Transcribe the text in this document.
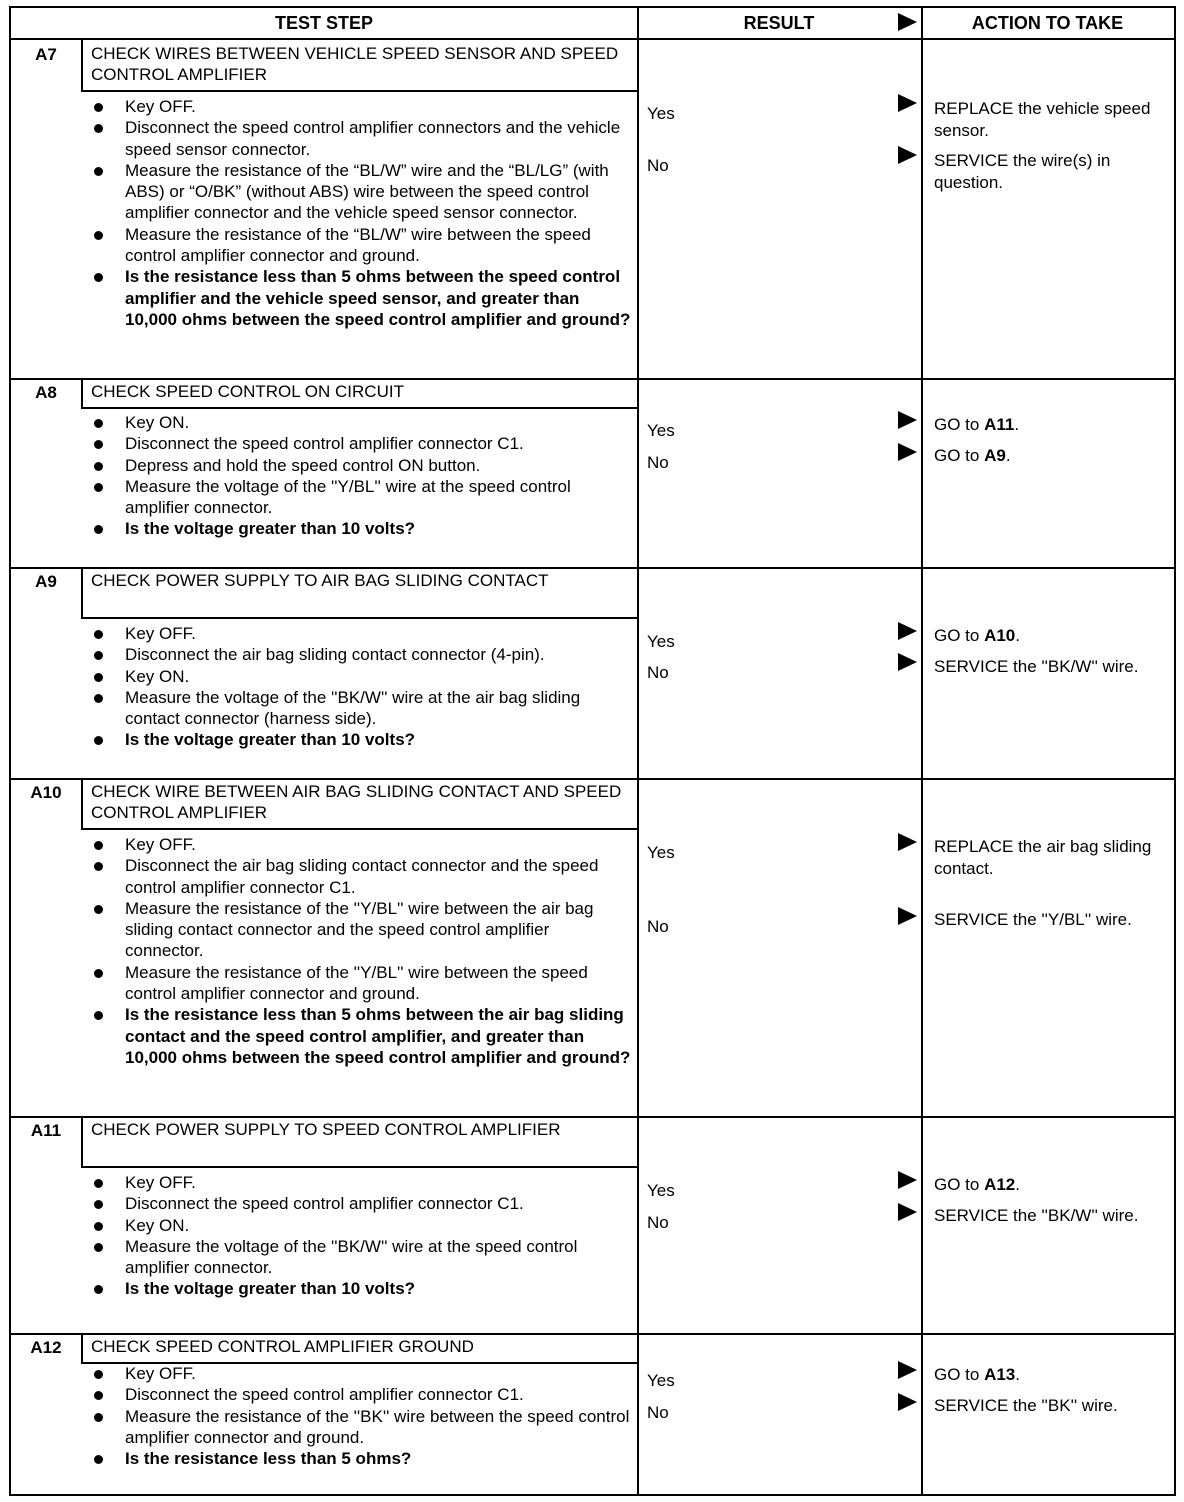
TEST STEP	RESULT	ACTION TO TAKE
A7	CHECK WIRES BETWEEN VEHICLE SPEED SENSOR AND SPEED CONTROL AMPLIFIER
Key OFF.
Disconnect the speed control amplifier connectors and the vehicle speed sensor connector.
Measure the resistance of the “BL/W” wire and the “BL/LG” (with ABS) or “O/BK” (without ABS) wire between the speed control amplifier connector and the vehicle speed sensor connector.
Measure the resistance of the “BL/W” wire between the speed control amplifier connector and ground.
Is the resistance less than 5 ohms between the speed control amplifier and the vehicle speed sensor, and greater than 10,000 ohms between the speed control amplifier and ground?
Yes	REPLACE the vehicle speed sensor.
No	SERVICE the wire(s) in question.
A8	CHECK SPEED CONTROL ON CIRCUIT
Key ON.
Disconnect the speed control amplifier connector C1.
Depress and hold the speed control ON button.
Measure the voltage of the ''Y/BL'' wire at the speed control amplifier connector.
Is the voltage greater than 10 volts?
Yes	GO to A11.
No	GO to A9.
A9	CHECK POWER SUPPLY TO AIR BAG SLIDING CONTACT
Key OFF.
Disconnect the air bag sliding contact connector (4-pin).
Key ON.
Measure the voltage of the ''BK/W'' wire at the air bag sliding contact connector (harness side).
Is the voltage greater than 10 volts?
Yes	GO to A10.
No	SERVICE the ''BK/W'' wire.
A10	CHECK WIRE BETWEEN AIR BAG SLIDING CONTACT AND SPEED CONTROL AMPLIFIER
Key OFF.
Disconnect the air bag sliding contact connector and the speed control amplifier connector C1.
Measure the resistance of the ''Y/BL'' wire between the air bag sliding contact connector and the speed control amplifier connector.
Measure the resistance of the ''Y/BL'' wire between the speed control amplifier connector and ground.
Is the resistance less than 5 ohms between the air bag sliding contact and the speed control amplifier, and greater than 10,000 ohms between the speed control amplifier and ground?
Yes	REPLACE the air bag sliding contact.
No	SERVICE the ''Y/BL'' wire.
A11	CHECK POWER SUPPLY TO SPEED CONTROL AMPLIFIER
Key OFF.
Disconnect the speed control amplifier connector C1.
Key ON.
Measure the voltage of the ''BK/W'' wire at the speed control amplifier connector.
Is the voltage greater than 10 volts?
Yes	GO to A12.
No	SERVICE the ''BK/W'' wire.
A12	CHECK SPEED CONTROL AMPLIFIER GROUND
Key OFF.
Disconnect the speed control amplifier connector C1.
Measure the resistance of the ''BK'' wire between the speed control amplifier connector and ground.
Is the resistance less than 5 ohms?
Yes	GO to A13.
No	SERVICE the ''BK'' wire.
